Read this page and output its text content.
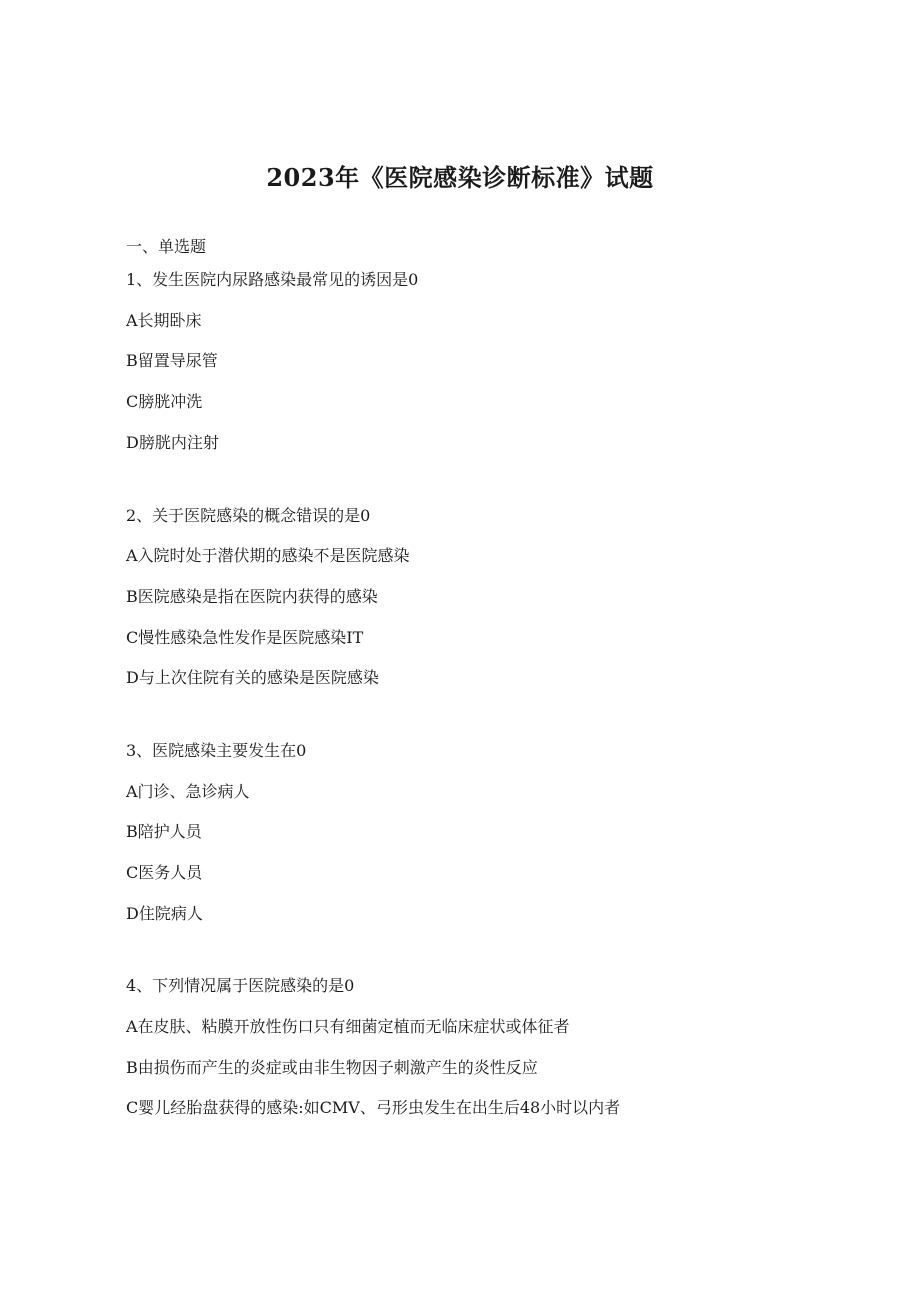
2023年《医院感染诊断标准》试题

一、单选题

1、发生医院内尿路感染最常见的诱因是0

A长期卧床

B留置导尿管

C膀胱冲洗

D膀胱内注射

2、关于医院感染的概念错误的是0

A入院时处于潜伏期的感染不是医院感染

B医院感染是指在医院内获得的感染

C慢性感染急性发作是医院感染IT

D与上次住院有关的感染是医院感染

3、医院感染主要发生在0

A门诊、急诊病人

B陪护人员

C医务人员

D住院病人

4、下列情况属于医院感染的是0

A在皮肤、粘膜开放性伤口只有细菌定植而无临床症状或体征者

B由损伤而产生的炎症或由非生物因子刺激产生的炎性反应

C婴儿经胎盘获得的感染:如CMV、弓形虫发生在出生后48小时以内者
